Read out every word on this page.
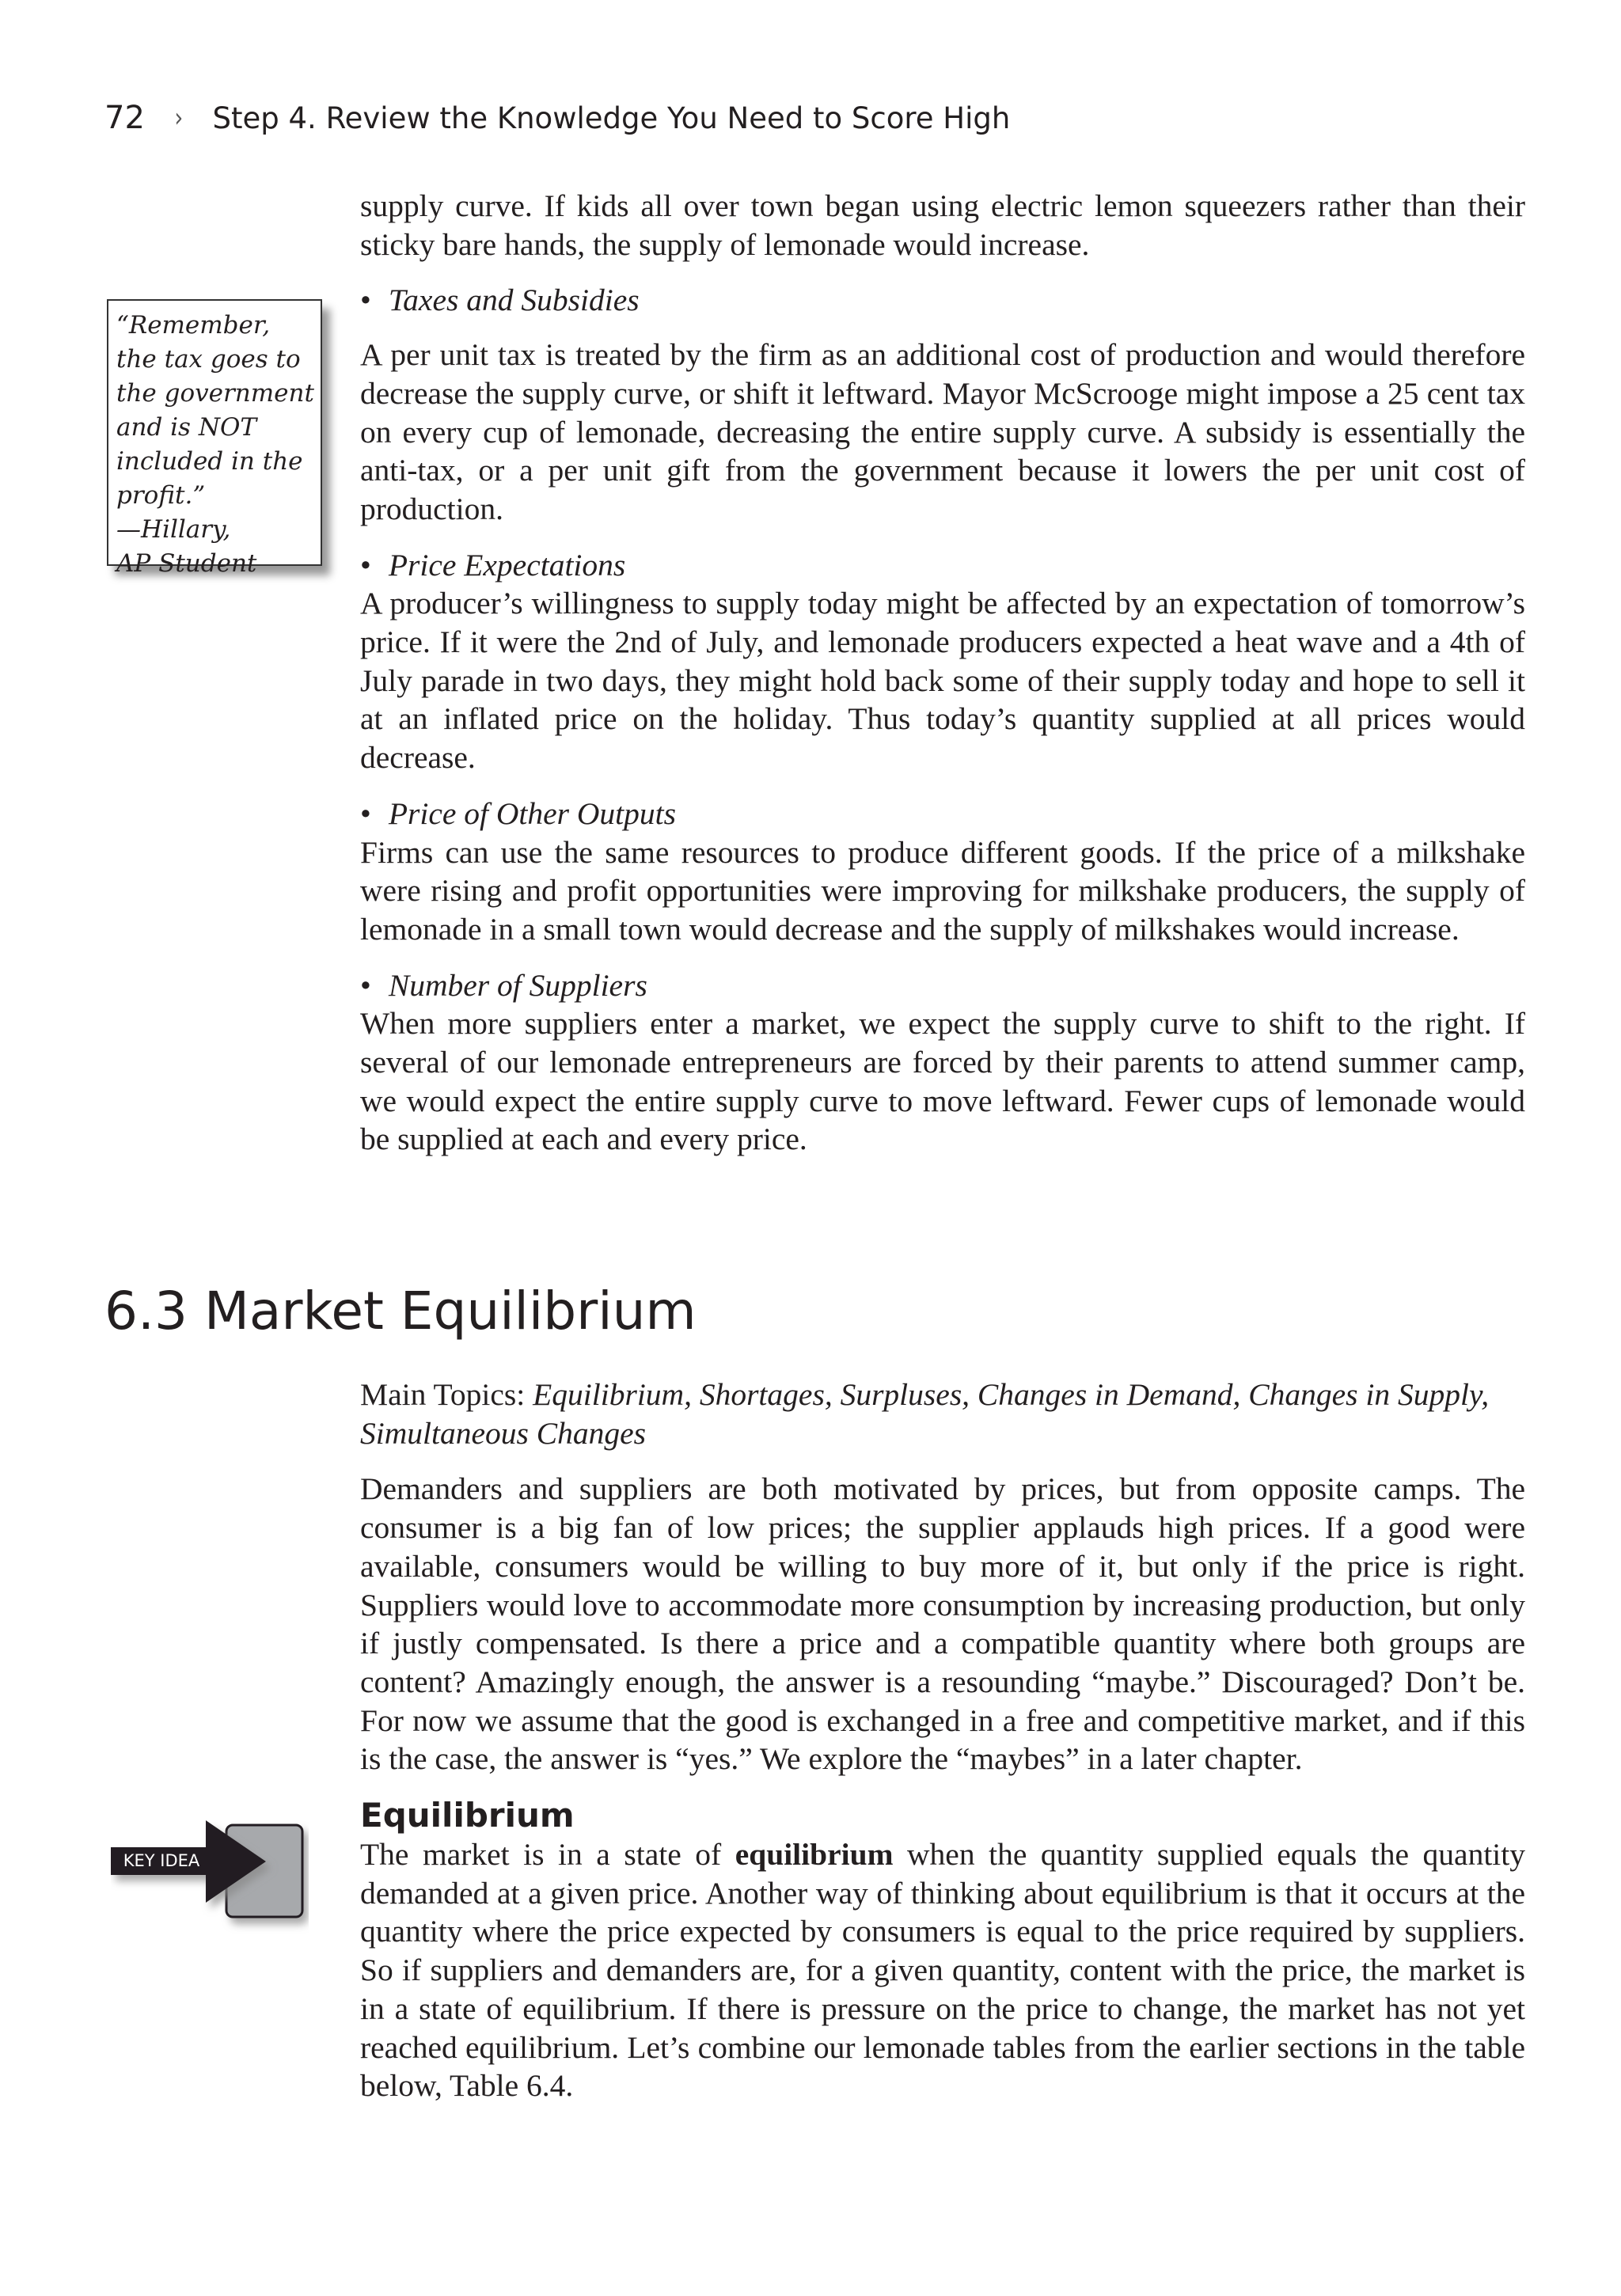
72 › Step 4. Review the Knowledge You Need to Score High

“Remember, the tax goes to the government and is NOT included in the profit.”

—Hillary,

AP Student

supply curve. If kids all over town began using electric lemon squeezers rather than their sticky bare hands, the supply of lemonade would increase.

• Taxes and Subsidies

A per unit tax is treated by the firm as an additional cost of production and would therefore decrease the supply curve, or shift it leftward. Mayor McScrooge might impose a 25 cent tax on every cup of lemonade, decreasing the entire supply curve. A subsidy is essentially the anti-tax, or a per unit gift from the government because it lowers the per unit cost of production.

• Price Expectations

A producer’s willingness to supply today might be affected by an expectation of tomorrow’s price. If it were the 2nd of July, and lemonade producers expected a heat wave and a 4th of July parade in two days, they might hold back some of their supply today and hope to sell it at an inflated price on the holiday. Thus today’s quantity supplied at all prices would decrease.

• Price of Other Outputs

Firms can use the same resources to produce different goods. If the price of a milkshake were rising and profit opportunities were improving for milkshake producers, the supply of lemonade in a small town would decrease and the supply of milkshakes would increase.

• Number of Suppliers

When more suppliers enter a market, we expect the supply curve to shift to the right. If several of our lemonade entrepreneurs are forced by their parents to attend summer camp, we would expect the entire supply curve to move leftward. Fewer cups of lemonade would be supplied at each and every price.

6.3 Market Equilibrium

Main Topics: Equilibrium, Shortages, Surpluses, Changes in Demand, Changes in Supply, Simultaneous Changes

Demanders and suppliers are both motivated by prices, but from opposite camps. The consumer is a big fan of low prices; the supplier applauds high prices. If a good were available, consumers would be willing to buy more of it, but only if the price is right. Suppliers would love to accommodate more consumption by increasing production, but only if justly compensated. Is there a price and a compatible quantity where both groups are content? Amazingly enough, the answer is a resounding “maybe.” Discouraged? Don’t be. For now we assume that the good is exchanged in a free and competitive market, and if this is the case, the answer is “yes.” We explore the “maybes” in a later chapter.

Equilibrium

The market is in a state of equilibrium when the quantity supplied equals the quantity demanded at a given price. Another way of thinking about equilibrium is that it occurs at the quantity where the price expected by consumers is equal to the price required by suppliers. So if suppliers and demanders are, for a given quantity, content with the price, the market is in a state of equilibrium. If there is pressure on the price to change, the market has not yet reached equilibrium. Let’s combine our lemonade tables from the earlier sections in the table below, Table 6.4.

KEY IDEA
